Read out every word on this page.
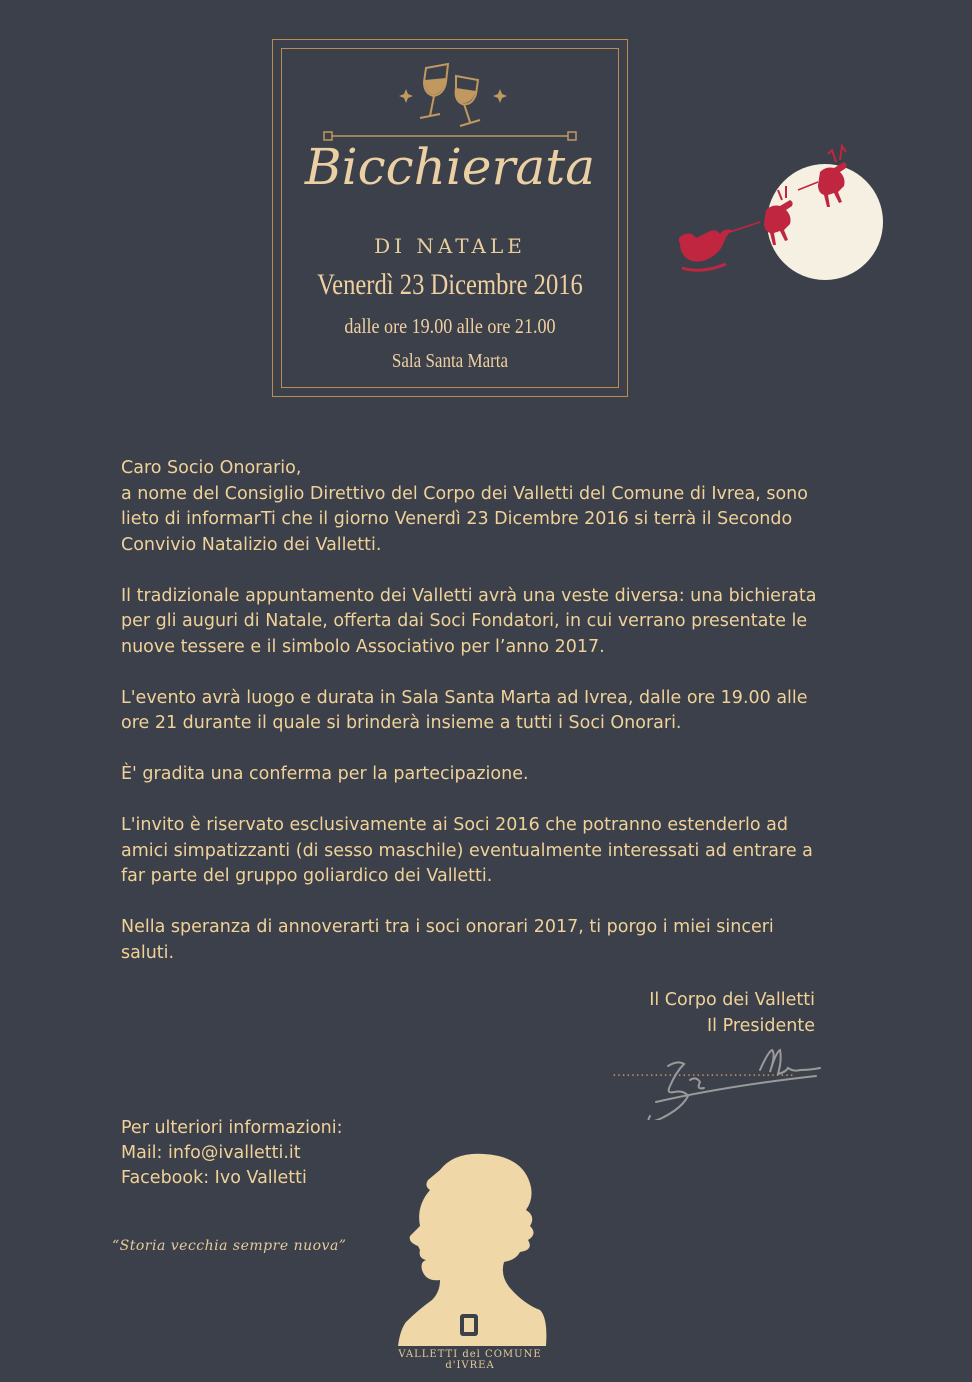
Bicchierata
DI NATALE
Venerdì 23 Dicembre 2016
dalle ore 19.00 alle ore 21.00
Sala Santa Marta

Caro Socio Onorario,
a nome del Consiglio Direttivo del Corpo dei Valletti del Comune di Ivrea, sono lieto di informarTi che il giorno Venerdì 23 Dicembre 2016 si terrà il Secondo Convivio Natalizio dei Valletti.

Il tradizionale appuntamento dei Valletti avrà una veste diversa: una bichierata per gli auguri di Natale, offerta dai Soci Fondatori, in cui verrano presentate le nuove tessere e il simbolo Associativo per l’anno 2017.

L'evento avrà luogo e durata in Sala Santa Marta ad Ivrea, dalle ore 19.00 alle ore 21 durante il quale si brinderà insieme a tutti i Soci Onorari.

È' gradita una conferma per la partecipazione.

L'invito è riservato esclusivamente ai Soci 2016 che potranno estenderlo ad amici simpatizzanti (di sesso maschile) eventualmente interessati ad entrare a far parte del gruppo goliardico dei Valletti.

Nella speranza di annoverarti tra i soci onorari 2017, ti porgo i miei sinceri saluti.

Il Corpo dei Valletti
Il Presidente
…………………………………
Per ulteriori informazioni:
Mail: info@ivalletti.it
Facebook: Ivo Valletti
“Storia vecchia sempre nuova”
VALLETTI del COMUNE d'IVREA
